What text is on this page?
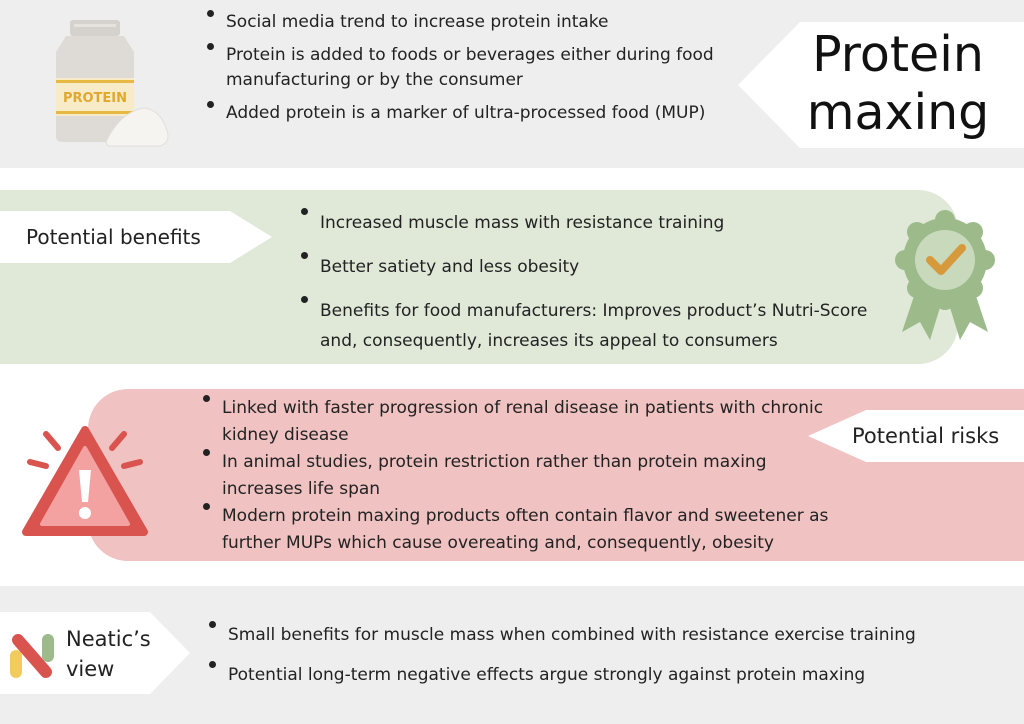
PROTEIN
Social media trend to increase protein intake
Protein is added to foods or beverages either during food manufacturing or by the consumer
Added protein is a marker of ultra-processed food (MUP)
Protein
maxing
Potential benefits
Increased muscle mass with resistance training
Better satiety and less obesity
Benefits for food manufacturers: Improves product’s Nutri-Score and, consequently, increases its appeal to consumers
Linked with faster progression of renal disease in patients with chronic kidney disease
In animal studies, protein restriction rather than protein maxing increases life span
Modern protein maxing products often contain flavor and sweetener as further MUPs which cause overeating and, consequently, obesity
Potential risks
Neatic’s
view
Small benefits for muscle mass when combined with resistance exercise training
Potential long-term negative effects argue strongly against protein maxing
